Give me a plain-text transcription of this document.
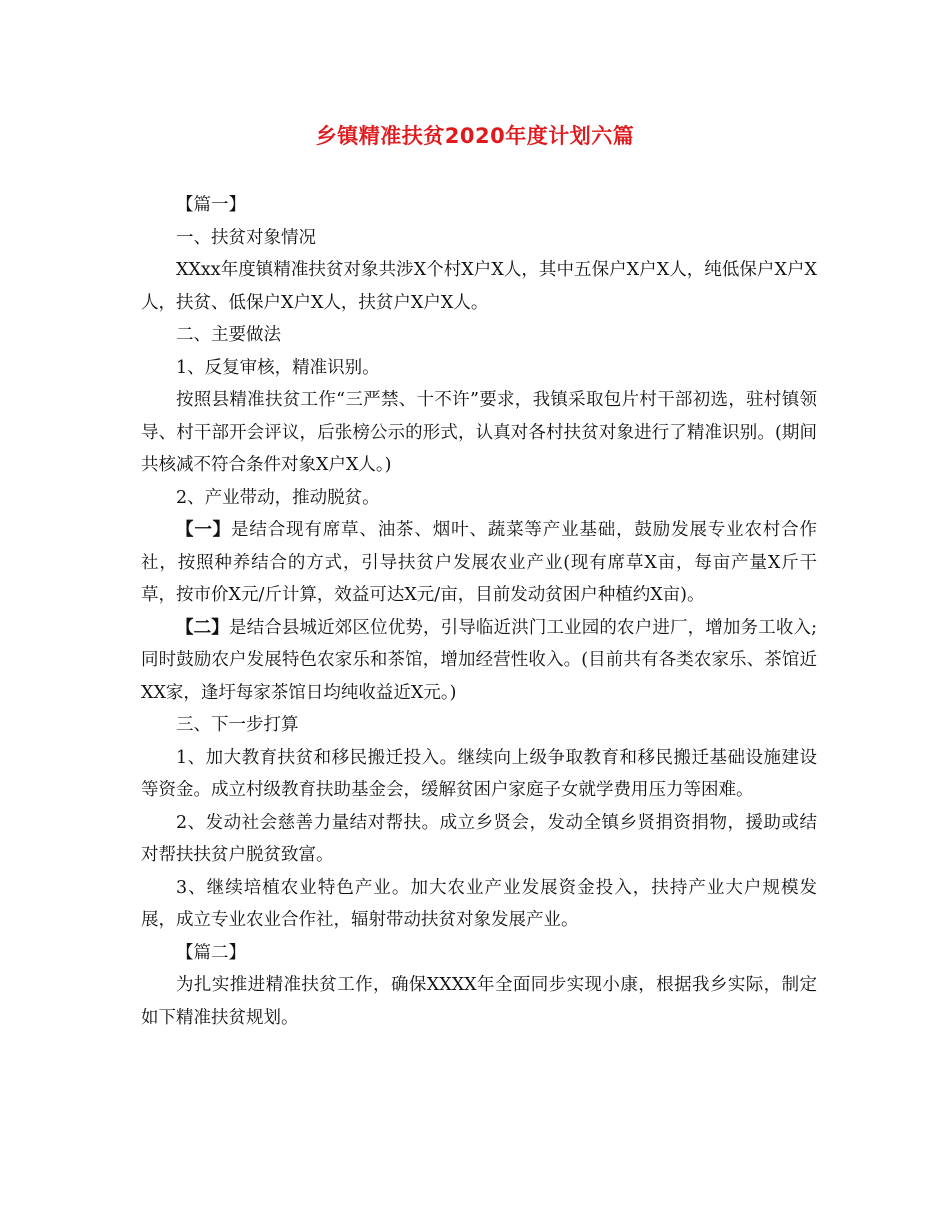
乡镇精准扶贫2020年度计划六篇

【篇一】

一、扶贫对象情况

XXxx年度镇精准扶贫对象共涉X个村X户X人，其中五保户X户X人，纯低保户X户X人，扶贫、低保户X户X人，扶贫户X户X人。

二、主要做法

1、反复审核，精准识别。

按照县精准扶贫工作“三严禁、十不许”要求，我镇采取包片村干部初选，驻村镇领导、村干部开会评议，后张榜公示的形式，认真对各村扶贫对象进行了精准识别。(期间共核减不符合条件对象X户X人。)

2、产业带动，推动脱贫。

【一】是结合现有席草、油茶、烟叶、蔬菜等产业基础，鼓励发展专业农村合作社，按照种养结合的方式，引导扶贫户发展农业产业(现有席草X亩，每亩产量X斤干草，按市价X元/斤计算，效益可达X元/亩，目前发动贫困户种植约X亩)。

【二】是结合县城近郊区位优势，引导临近洪门工业园的农户进厂，增加务工收入;同时鼓励农户发展特色农家乐和茶馆，增加经营性收入。(目前共有各类农家乐、茶馆近XX家，逢圩每家茶馆日均纯收益近X元。)

三、下一步打算

1、加大教育扶贫和移民搬迁投入。继续向上级争取教育和移民搬迁基础设施建设等资金。成立村级教育扶助基金会，缓解贫困户家庭子女就学费用压力等困难。

2、发动社会慈善力量结对帮扶。成立乡贤会，发动全镇乡贤捐资捐物，援助或结对帮扶扶贫户脱贫致富。

3、继续培植农业特色产业。加大农业产业发展资金投入，扶持产业大户规模发展，成立专业农业合作社，辐射带动扶贫对象发展产业。

【篇二】

为扎实推进精准扶贫工作，确保XXXX年全面同步实现小康，根据我乡实际，制定如下精准扶贫规划。
